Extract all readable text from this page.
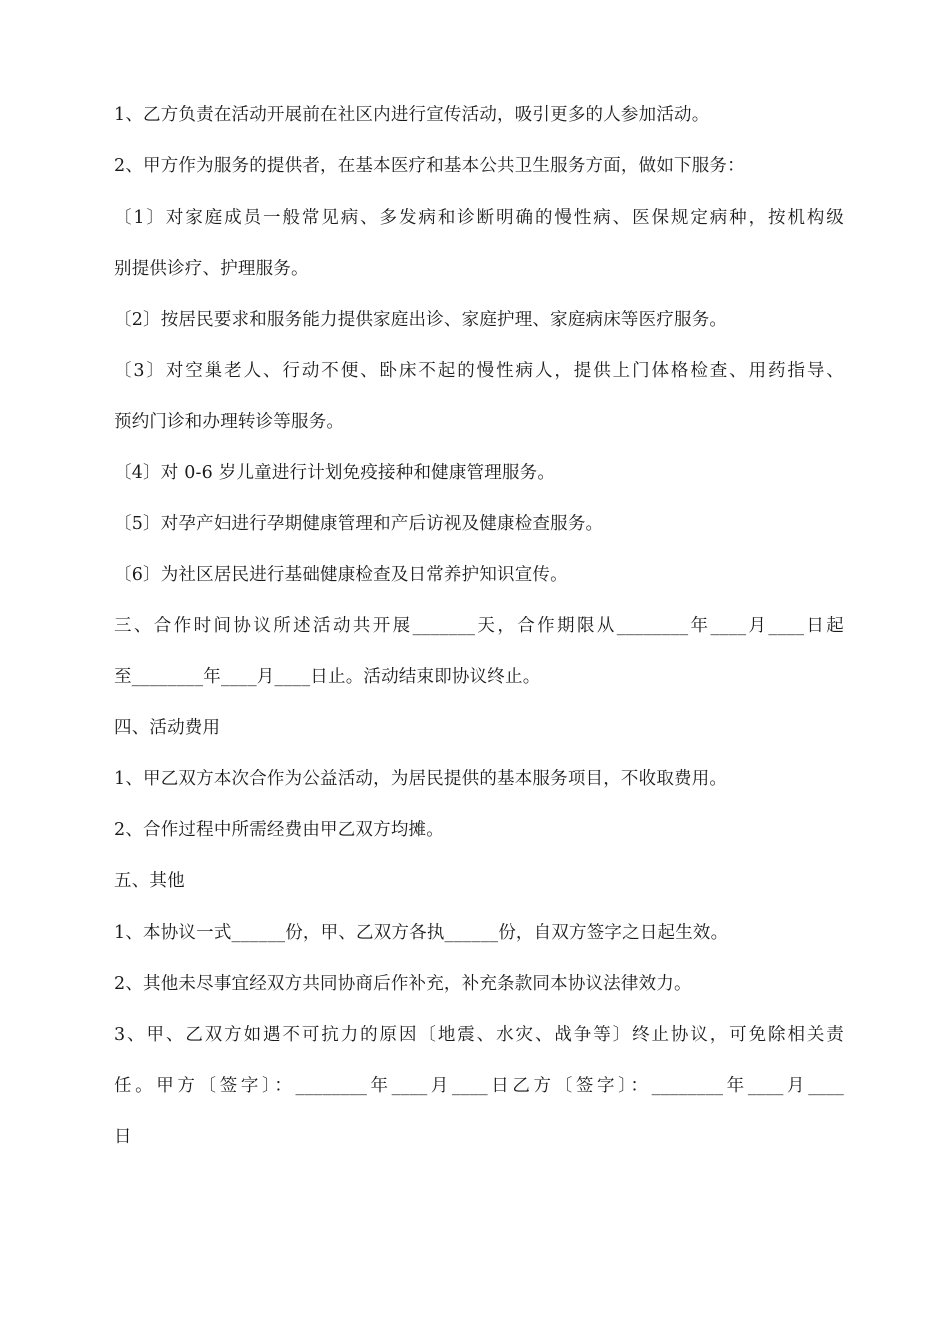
1、乙方负责在活动开展前在社区内进行宣传活动，吸引更多的人参加活动。
2、甲方作为服务的提供者，在基本医疗和基本公共卫生服务方面，做如下服务：
〔1〕对家庭成员一般常见病、多发病和诊断明确的慢性病、医保规定病种，按机构级
别提供诊疗、护理服务。
〔2〕按居民要求和服务能力提供家庭出诊、家庭护理、家庭病床等医疗服务。
〔3〕对空巢老人、行动不便、卧床不起的慢性病人，提供上门体格检查、用药指导、
预约门诊和办理转诊等服务。
〔4〕对 0-6 岁儿童进行计划免疫接种和健康管理服务。
〔5〕对孕产妇进行孕期健康管理和产后访视及健康检查服务。
〔6〕为社区居民进行基础健康检查及日常养护知识宣传。
三、合作时间协议所述活动共开展_______天，合作期限从________年____月____日起
至________年____月____日止。活动结束即协议终止。
四、活动费用
1、甲乙双方本次合作为公益活动，为居民提供的基本服务项目，不收取费用。
2、合作过程中所需经费由甲乙双方均摊。
五、其他
1、本协议一式______份，甲、乙双方各执______份，自双方签字之日起生效。
2、其他未尽事宜经双方共同协商后作补充，补充条款同本协议法律效力。
3、甲、乙双方如遇不可抗力的原因〔地震、水灾、战争等〕终止协议，可免除相关责
任。甲方〔签字〕：________年____月____日乙方〔签字〕：________年____月____
日
